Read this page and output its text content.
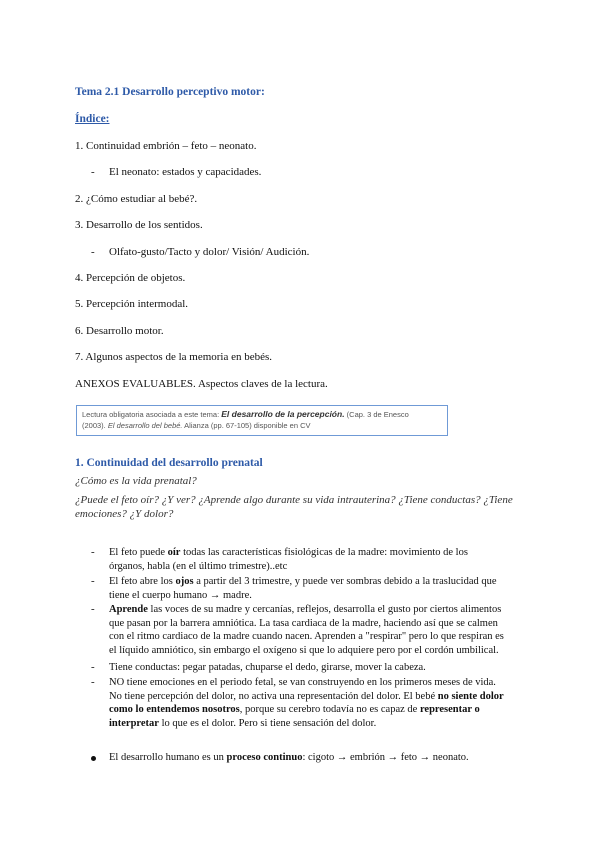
Tema 2.1 Desarrollo perceptivo motor:
Índice:
1. Continuidad embrión – feto – neonato.
- El neonato: estados y capacidades.
2. ¿Cómo estudiar al bebé?.
3. Desarrollo de los sentidos.
- Olfato-gusto/Tacto y dolor/ Visión/ Audición.
4. Percepción de objetos.
5. Percepción intermodal.
6. Desarrollo motor.
7. Algunos aspectos de la memoria en bebés.
ANEXOS EVALUABLES. Aspectos claves de la lectura.
Lectura obligatoria asociada a este tema: El desarrollo de la percepción. (Cap. 3 de Enesco
(2003). El desarrollo del bebé. Alianza (pp. 67-105) disponible en CV
1. Continuidad del desarrollo prenatal
¿Cómo es la vida prenatal?
¿Puede el feto oír? ¿Y ver? ¿Aprende algo durante su vida intrauterina? ¿Tiene conductas? ¿Tiene
emociones? ¿Y dolor?
- El feto puede oír todas las características fisiológicas de la madre: movimiento de los
órganos, habla (en el último trimestre)..etc
- El feto abre los ojos a partir del 3 trimestre, y puede ver sombras debido a la traslucidad que
tiene el cuerpo humano → madre.
- Aprende las voces de su madre y cercanías, reflejos, desarrolla el gusto por ciertos alimentos
que pasan por la barrera amniótica. La tasa cardiaca de la madre, haciendo así que se calmen
con el ritmo cardiaco de la madre cuando nacen. Aprenden a "respirar" pero lo que respiran es
el líquido amniótico, sin embargo el oxígeno si que lo adquiere pero por el cordón umbilical.
- Tiene conductas: pegar patadas, chuparse el dedo, girarse, mover la cabeza.
- NO tiene emociones en el periodo fetal, se van construyendo en los primeros meses de vida.
No tiene percepción del dolor, no activa una representación del dolor. El bebé no siente dolor
como lo entendemos nosotros, porque su cerebro todavía no es capaz de representar o
interpretar lo que es el dolor. Pero si tiene sensación del dolor.
El desarrollo humano es un proceso continuo: cigoto → embrión → feto → neonato.
